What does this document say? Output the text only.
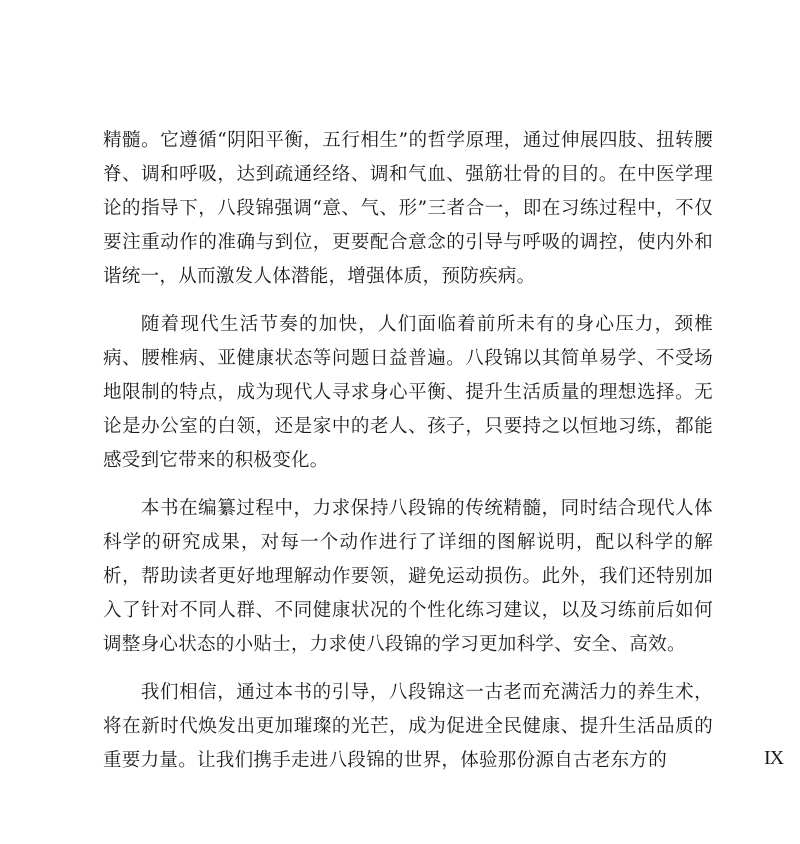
精髓。它遵循“阴阳平衡，五行相生”的哲学原理，通过伸展四肢、扭转腰脊、调和呼吸，达到疏通经络、调和气血、强筋壮骨的目的。在中医学理论的指导下，八段锦强调“意、气、形”三者合一，即在习练过程中，不仅要注重动作的准确与到位，更要配合意念的引导与呼吸的调控，使内外和谐统一，从而激发人体潜能，增强体质，预防疾病。

随着现代生活节奏的加快，人们面临着前所未有的身心压力，颈椎病、腰椎病、亚健康状态等问题日益普遍。八段锦以其简单易学、不受场地限制的特点，成为现代人寻求身心平衡、提升生活质量的理想选择。无论是办公室的白领，还是家中的老人、孩子，只要持之以恒地习练，都能感受到它带来的积极变化。

本书在编纂过程中，力求保持八段锦的传统精髓，同时结合现代人体科学的研究成果，对每一个动作进行了详细的图解说明，配以科学的解析，帮助读者更好地理解动作要领，避免运动损伤。此外，我们还特别加入了针对不同人群、不同健康状况的个性化练习建议，以及习练前后如何调整身心状态的小贴士，力求使八段锦的学习更加科学、安全、高效。

我们相信，通过本书的引导，八段锦这一古老而充满活力的养生术，将在新时代焕发出更加璀璨的光芒，成为促进全民健康、提升生活品质的重要力量。让我们携手走进八段锦的世界，体验那份源自古老东方的	IX
